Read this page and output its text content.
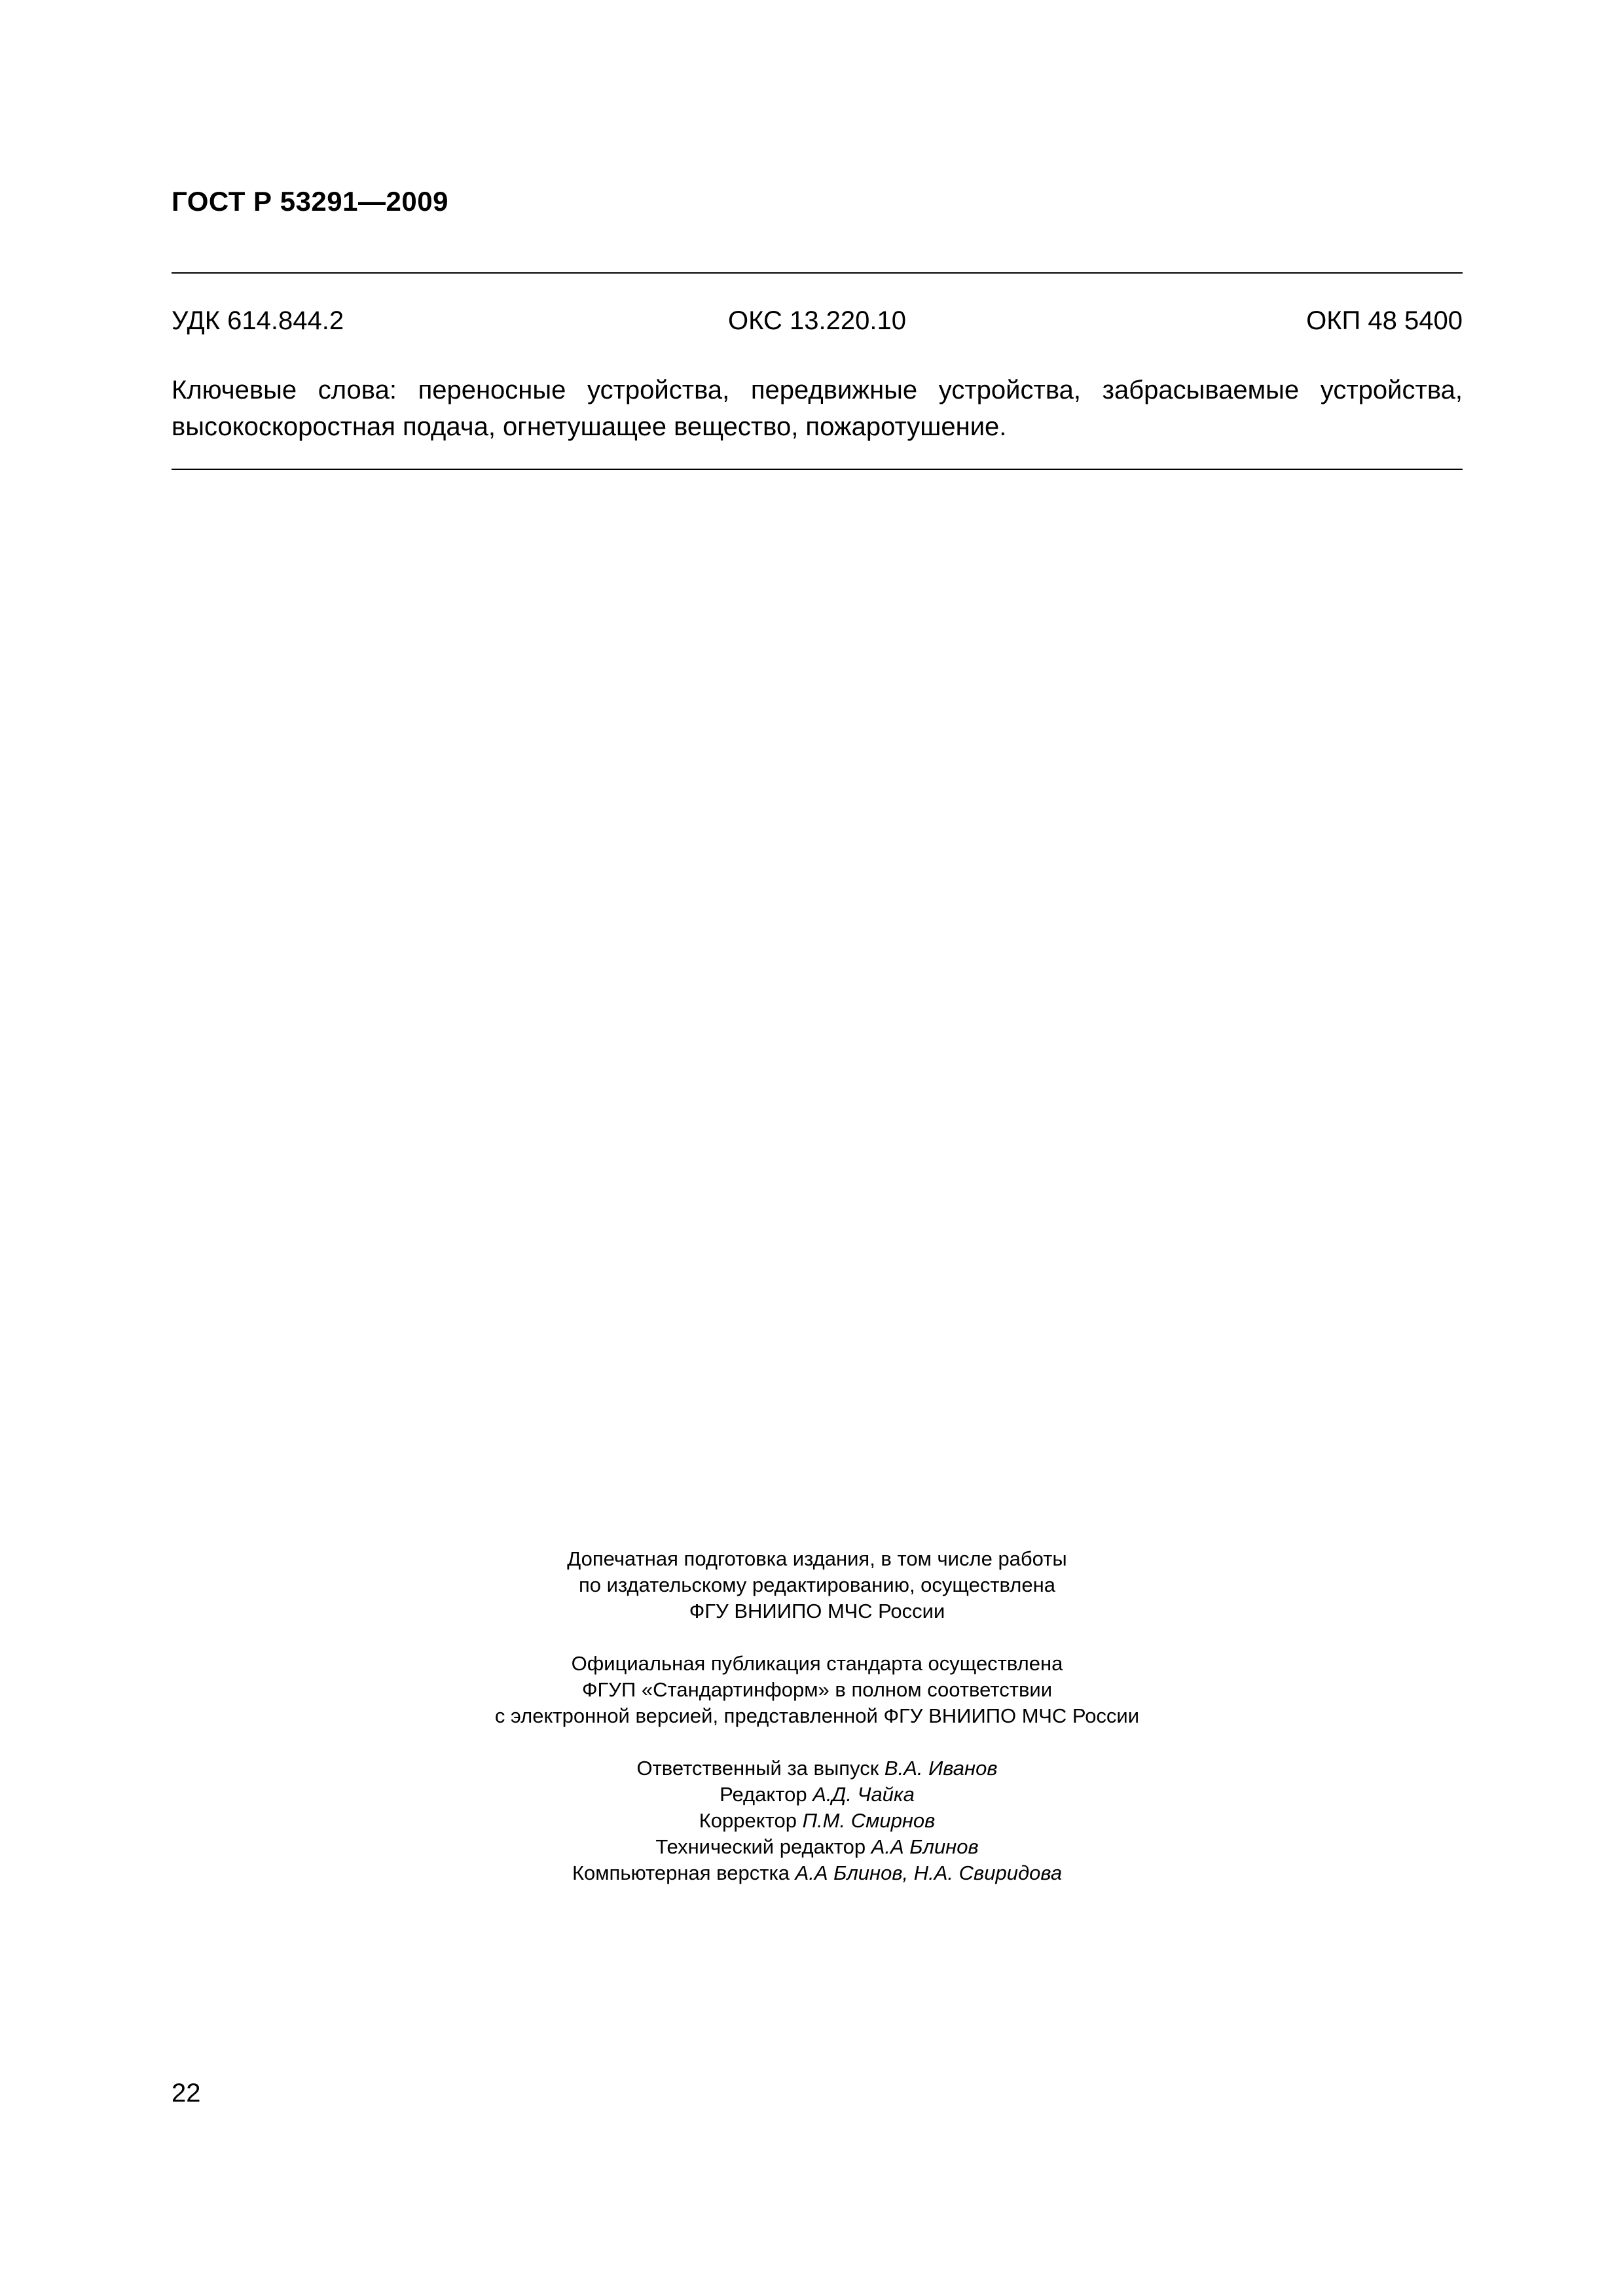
ГОСТ Р 53291—2009
УДК 614.844.2	ОКС 13.220.10	ОКП 48 5400
Ключевые слова: переносные устройства, передвижные устройства, забрасываемые устройства, высокоскоростная подача, огнетушащее вещество, пожаротушение.
Допечатная подготовка издания, в том числе работы
по издательскому редактированию, осуществлена
ФГУ ВНИИПО МЧС России
Официальная публикация стандарта осуществлена
ФГУП «Стандартинформ» в полном соответствии
с электронной версией, представленной ФГУ ВНИИПО МЧС России
Ответственный за выпуск В.А. Иванов
Редактор А.Д. Чайка
Корректор П.М. Смирнов
Технический редактор А.А Блинов
Компьютерная верстка А.А Блинов, Н.А. Свиридова
22
